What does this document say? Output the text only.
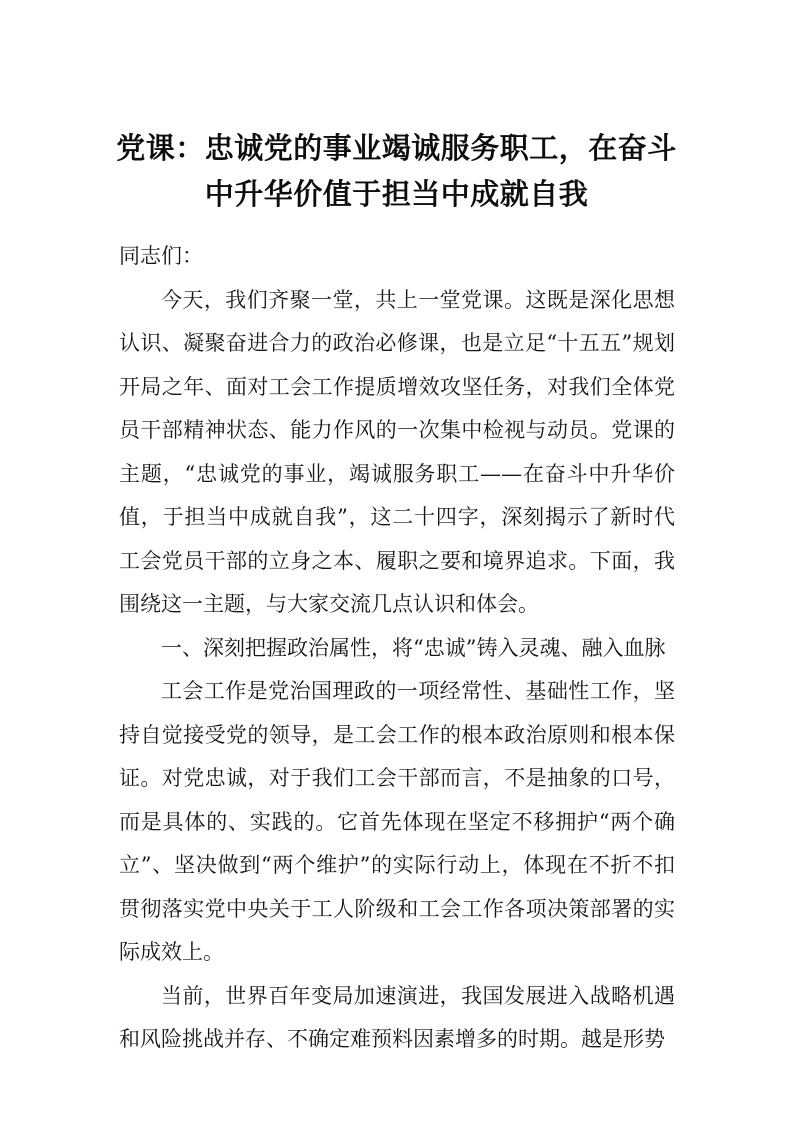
党课：忠诚党的事业竭诚服务职工，在奋斗
中升华价值于担当中成就自我

同志们：

今天，我们齐聚一堂，共上一堂党课。这既是深化思想认识、凝聚奋进合力的政治必修课，也是立足“十五五”规划开局之年、面对工会工作提质增效攻坚任务，对我们全体党员干部精神状态、能力作风的一次集中检视与动员。党课的主题，“忠诚党的事业，竭诚服务职工——在奋斗中升华价值，于担当中成就自我”，这二十四字，深刻揭示了新时代工会党员干部的立身之本、履职之要和境界追求。下面，我围绕这一主题，与大家交流几点认识和体会。

一、深刻把握政治属性，将“忠诚”铸入灵魂、融入血脉

工会工作是党治国理政的一项经常性、基础性工作，坚持自觉接受党的领导，是工会工作的根本政治原则和根本保证。对党忠诚，对于我们工会干部而言，不是抽象的口号，而是具体的、实践的。它首先体现在坚定不移拥护“两个确立”、坚决做到“两个维护”的实际行动上，体现在不折不扣贯彻落实党中央关于工人阶级和工会工作各项决策部署的实际成效上。

当前，世界百年变局加速演进，我国发展进入战略机遇和风险挑战并存、不确定难预料因素增多的时期。越是形势
